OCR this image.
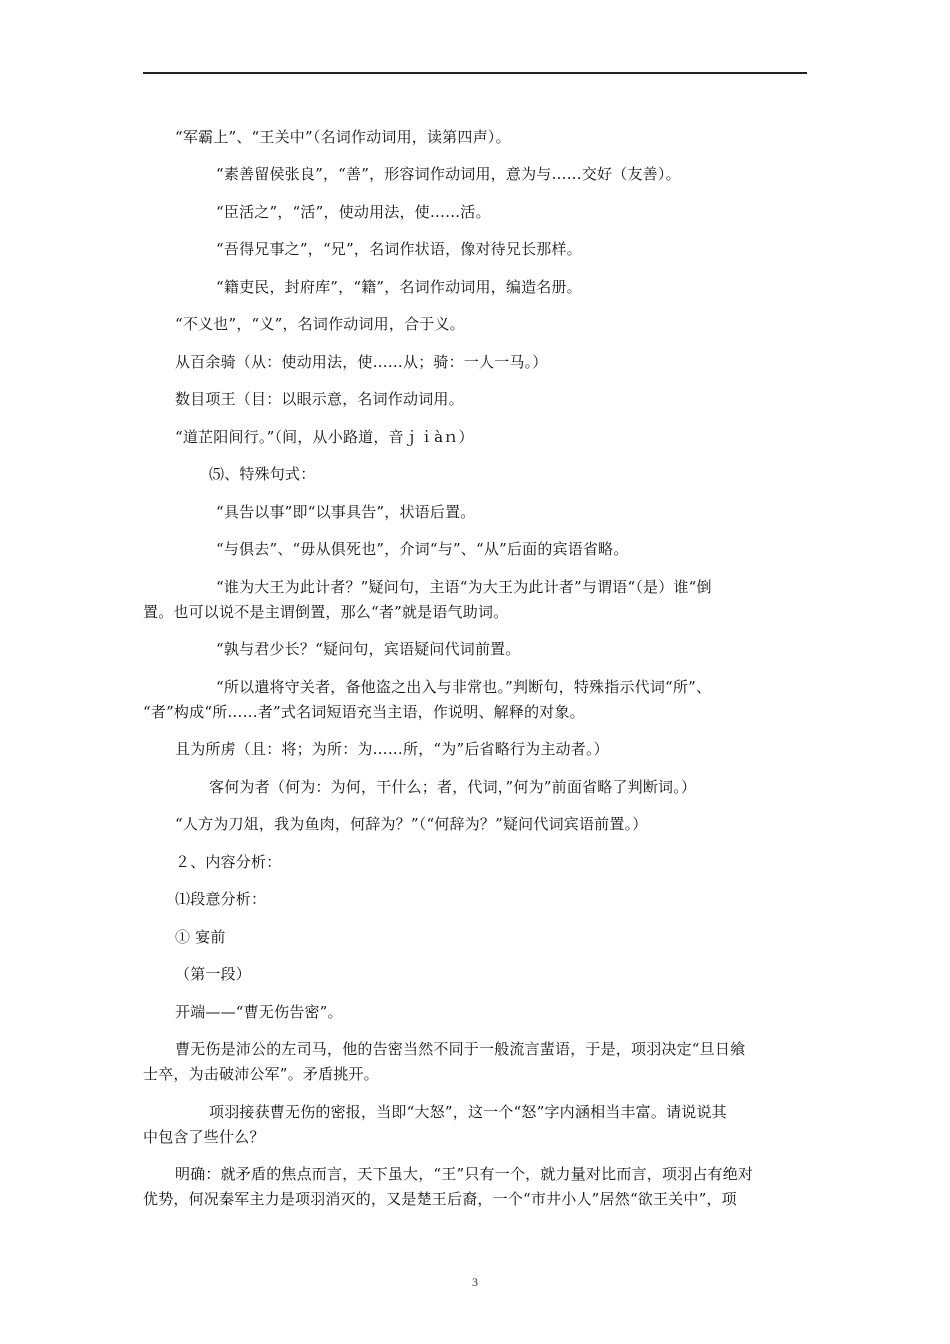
“军霸上”、“王关中”（名词作动词用，读第四声）。

“素善留侯张良”，“善”，形容词作动词用，意为与……交好（友善）。

“臣活之”，“活”，使动用法，使……活。

“吾得兄事之”，“兄”，名词作状语，像对待兄长那样。

“籍吏民，封府库”，“籍”，名词作动词用，编造名册。

“不义也”，“义”，名词作动词用，合于义。

从百余骑（从：使动用法，使……从；骑：一人一马。）

数目项王（目：以眼示意，名词作动词用。

“道芷阳间行。”（间，从小路道，音ｊｉàｎ）

⑸、特殊句式：

“具告以事”即“以事具告”，状语后置。

“与俱去”、“毋从俱死也”，介词“与”、“从”后面的宾语省略。

“谁为大王为此计者？”疑问句，主语“为大王为此计者”与谓语“（是）谁“倒

置。也可以说不是主谓倒置，那么“者”就是语气助词。

“孰与君少长？“疑问句，宾语疑问代词前置。

“所以遣将守关者，备他盗之出入与非常也。”判断句，特殊指示代词“所”、

“者”构成“所……者”式名词短语充当主语，作说明、解释的对象。

且为所虏（且：将；为所：为……所，“为”后省略行为主动者。）

客何为者（何为：为何，干什么；者，代词，”何为”前面省略了判断词。）

“人方为刀俎，我为鱼肉，何辞为？”（“何辞为？”疑问代词宾语前置。）

２、内容分析：

⑴段意分析：

① 宴前

（第一段）

开端——“曹无伤告密”。

曹无伤是沛公的左司马，他的告密当然不同于一般流言蜚语，于是，项羽决定“旦日飨

士卒，为击破沛公军”。矛盾挑开。

项羽接获曹无伤的密报，当即“大怒”，这一个“怒”字内涵相当丰富。请说说其

中包含了些什么？

明确：就矛盾的焦点而言，天下虽大，“王”只有一个，就力量对比而言，项羽占有绝对

优势，何况秦军主力是项羽消灭的，又是楚王后裔，一个“市井小人”居然“欲王关中”，项

3
